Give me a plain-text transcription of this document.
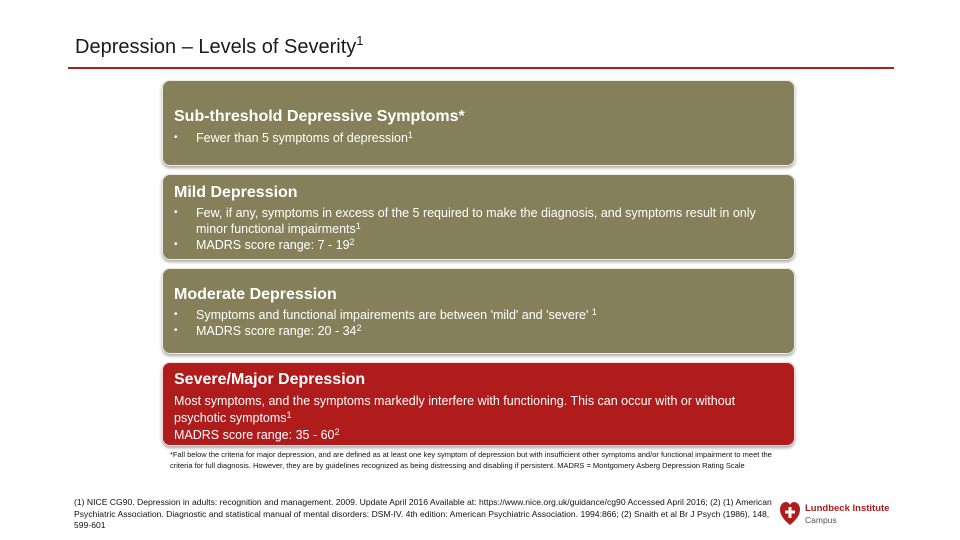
Depression – Levels of Severity$^1$
Sub-threshold Depressive Symptoms*
• Fewer than 5 symptoms of depression$^1$
Mild Depression
• Few, if any, symptoms in excess of the 5 required to make the diagnosis, and symptoms result in only minor functional impairments$^1$
• MADRS score range: $7 - 19^2$
Moderate Depression
• Symptoms and functional impairements are between 'mild' and 'severe' $^1$
• MADRS score range: $20 - 34^2$
Severe/Major Depression

Most symptoms, and the symptoms markedly interfere with functioning. This can occur with or without psychotic symptoms$^1$

MADRS score range: $35 - 60^2$

*Fall below the criteria for major depression, and are defined as at least one key symptom of depression but with insufficient other symptoms and/or functional impairment to meet the criteria for full diagnosis. However, they are by guidelines recognized as being distressing and disabling if persistent. MADRS = Montgomery Asberg Depression Rating Scale
(1) NICE CG90. Depression in adults: recognition and management. 2009. Update April 2016 Available at: https://www.nice.org.uk/guidance/cg90 Accessed April 2016; (2) (1) American Psychiatric Association. Diagnostic and statistical manual of mental disorders: DSM-IV. 4th edition: American Psychiatric Association. 1994:866; (2) Snaith et al Br J Psych (1986), 148, 599-601
Lundbeck Institute
Campus
